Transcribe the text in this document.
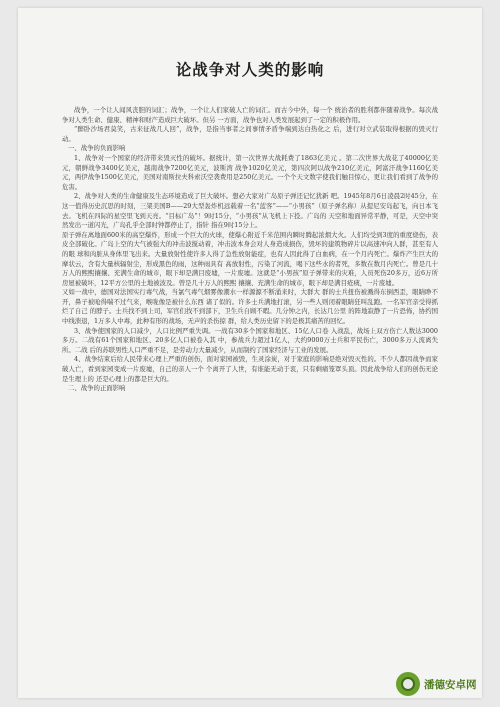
论战争对人类的影响

战争，一个让人闻风丧胆的词汇；战争，一个让人们家破人亡的词汇。而古今中外，每一个 统治者的胜利都伴随着战争。每次战争对人类生命、健康、精神和财产造成巨大破坏。但另 一方面，战争也对人类发展起到了一定的积极作用。

“醉卧沙场君莫笑，古来征战几人回”，战争，是指当事者之间事情矛盾争端到达白热化之 后，进行对立武装取得根据的毁灭行动。

一、战争的负面影响

1、战争对一个国家的经济带来毁灭性的破坏。据统计，第一次世界大战耗费了1863亿美元 。第二次世界大战花了40000亿美元，朝鲜战争3400亿美元，越南战争7200亿美元，波斯湾 战争1020亿美元，第四次阿以战争210亿美元，阿富汗战争1160亿美元，两伊战争1500亿美元，美国对南斯拉夫科索沃空袭费用是250亿美元。一个个天文数字使我们触目惊心，更让我们看到了战争的危害。

2、战争对人类的生命健康及生态环境造成了巨大破坏。想必大家对广岛原子弹还记忆犹新 吧。1945年8月6日凌晨2时45分，在这一值得历史沉思的时刻，三架美国B——29大型轰炸机远载着一名“蓝客”——“小男孩”（原子弹名称）从提尼安岛起飞，向日本飞去。飞机在四际的星空里飞到天亮。“目标广岛”！9时15分，“小男孩”从飞机上下投。广岛的 天空和地面异常平静，可是，天空中突然发出一道闪光，广岛孔乎全部时钟都停止了，指针 指在9时15分上。

原子弹在离地面600米的高空爆炸，形成一个巨大的火球，使爆心附近千米范围内瞬时腾起浓烟大火。人们均受到3度的重度烧伤，表皮全部破化。广岛上空的大气被强大的冲击波搅动着，冲击波本身会对人身造成损伤，毁坏的建筑物碎片以高速冲向人群，甚至有人的眼 球和肉脏从身体里飞出来。大量放射性使许多人得了急性放射能症，也有人因此得了白血病，在一个月内死亡。爆炸产生巨大的摩状云，含有大量核辐射尘，形成黑色的雨，这种雨具有 高放射性，污染了河流，喝下这些水的者死，多数在数月内死亡。曾是几十万人的熙熙攘攘、充满生命的城市，眼下却是满目废墟，一片废墟。这就是“小男孩”原子弹带来的灾难，人员死伤20多万，近6万所房屋被破坏，12平方公里的土地被波及。曾是几十万人的熙熙 攘攘、充满生命的城市，眼下却是满目疮痍，一片废墟。

又如一战中，德国对法国实行毒气战，当氯气毒气烟雾像潮水一样源源不断涌来时，大群大 群的士兵扭伤被溅得东倒西歪，眼睛睁不开，鼻子被呛得喘不过气来，喉咙像是被什么东西 诸了似的。许多士兵满地打滚，另一些人则闭着眼睛狂叫乱跑。一名军官亲受得抓烂了自己 的脖子。士兵找不到上司，军官们找不到部下，卫生兵自顾不暇。几分钟之内，长达几公里 的阵地寂静了一片恐怖，协约国中线溃退，1万多人中毒，此种有形的战场，无声的杀伤掠 群，给人类历史留下的是极其痛苦的回忆。

3、战争使国家的人口减少，人口比例严重失调。一战有30多个国家和地区、15亿人口卷 入战乱，战场上双方伤亡人数达3000多万。二战有61个国家和地区、20多亿人口被卷入其 中，参战兵力超过1亿人，大约9000万士兵和平民伤亡，3000多万人流离失所。二战 后的苏联男性人口严重不足，是劳动力大量减少，从而制约了国家经济与工业的发展。

4、战争结束后给人民带来心理上严重的创伤，面对家园被毁，生灵涂炭，对于家庭的影响是绝对毁灭性的。不少人都因战争而家破人亡，看到家园变成一片废墟，自己的亲人一个 个离开了人世，有谁能无动于衷，只有剩痛笼罩头顶。因此战争给人们的创伤无论是生理上的 还是心理上的都是巨大的。

二、战争的正面影响

潘德安卓网
